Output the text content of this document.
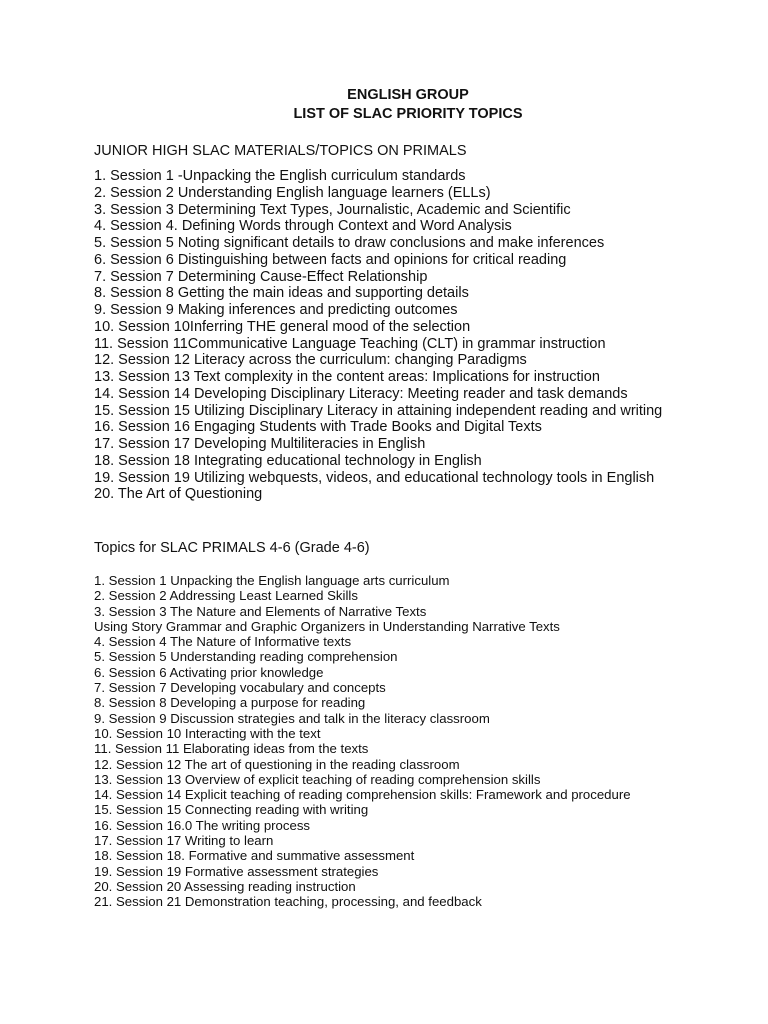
ENGLISH GROUP
LIST OF SLAC PRIORITY TOPICS
JUNIOR HIGH SLAC MATERIALS/TOPICS ON PRIMALS
1. Session 1 -Unpacking the English curriculum standards
2. Session 2 Understanding English language learners (ELLs)
3. Session 3 Determining Text Types, Journalistic, Academic and Scientific
4. Session 4. Defining Words through Context and Word Analysis
5. Session 5 Noting significant details to draw conclusions and make inferences
6. Session 6 Distinguishing between facts and opinions for critical reading
7. Session 7 Determining Cause-Effect Relationship
8. Session 8 Getting the main ideas and supporting details
9. Session 9 Making inferences and predicting outcomes
10. Session 10Inferring THE general mood of the selection
11. Session 11Communicative Language Teaching (CLT) in grammar instruction
12. Session 12 Literacy across the curriculum: changing Paradigms
13. Session 13 Text complexity in the content areas: Implications for instruction
14. Session 14 Developing Disciplinary Literacy: Meeting reader and task demands
15. Session 15 Utilizing Disciplinary Literacy in attaining independent reading and writing
16. Session 16 Engaging Students with Trade Books and Digital Texts
17. Session 17 Developing Multiliteracies in English
18. Session 18 Integrating educational technology in English
19. Session 19 Utilizing webquests, videos, and educational technology tools in English
20. The Art of Questioning
Topics for SLAC PRIMALS 4-6 (Grade 4-6)
1. Session 1 Unpacking the English language arts curriculum
2. Session 2 Addressing Least Learned Skills
3. Session 3 The Nature and Elements of Narrative Texts
Using Story Grammar and Graphic Organizers in Understanding Narrative Texts
4. Session 4 The Nature of Informative texts
5. Session 5 Understanding reading comprehension
6. Session 6 Activating prior knowledge
7. Session 7 Developing vocabulary and concepts
8. Session 8 Developing a purpose for reading
9. Session 9 Discussion strategies and talk in the literacy classroom
10. Session 10 Interacting with the text
11. Session 11 Elaborating ideas from the texts
12. Session 12 The art of questioning in the reading classroom
13. Session 13 Overview of explicit teaching of reading comprehension skills
14. Session 14 Explicit teaching of reading comprehension skills: Framework and procedure
15. Session 15 Connecting reading with writing
16. Session 16.0 The writing process
17. Session 17 Writing to learn
18. Session 18. Formative and summative assessment
19. Session 19 Formative assessment strategies
20. Session 20 Assessing reading instruction
21. Session 21 Demonstration teaching, processing, and feedback
